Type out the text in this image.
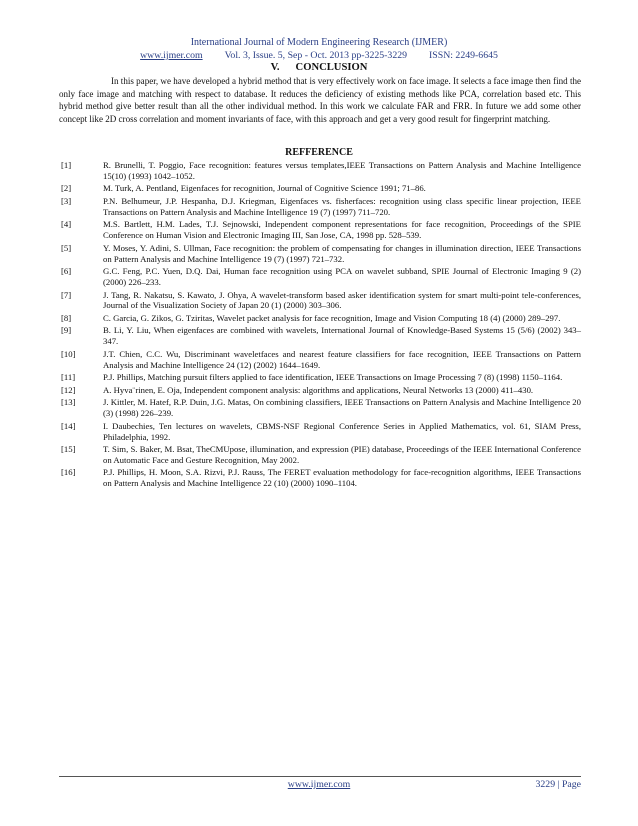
International Journal of Modern Engineering Research (IJMER)
www.ijmer.com Vol. 3, Issue. 5, Sep - Oct. 2013 pp-3225-3229 ISSN: 2249-6645
V. CONCLUSION

In this paper, we have developed a hybrid method that is very effectively work on face image. It selects a face image then find the only face image and matching with respect to database. It reduces the deficiency of existing methods like PCA, correlation based etc. This hybrid method give better result than all the other individual method. In this work we calculate FAR and FRR. In future we add some other concept like 2D cross correlation and moment invariants of face, with this approach and get a very good result for fingerprint matching.

REFFERENCE
[1]	R. Brunelli, T. Poggio, Face recognition: features versus templates,IEEE Transactions on Pattern Analysis and Machine Intelligence 15(10) (1993) 1042–1052.
[2]	M. Turk, A. Pentland, Eigenfaces for recognition, Journal of Cognitive Science 1991; 71–86.
[3]	P.N. Belhumeur, J.P. Hespanha, D.J. Kriegman, Eigenfaces vs. fisherfaces: recognition using class specific linear projection, IEEE Transactions on Pattern Analysis and Machine Intelligence 19 (7) (1997) 711–720.
[4]	M.S. Bartlett, H.M. Lades, T.J. Sejnowski, Independent component representations for face recognition, Proceedings of the SPIE Conference on Human Vision and Electronic Imaging III, San Jose, CA, 1998 pp. 528–539.
[5]	Y. Moses, Y. Adini, S. Ullman, Face recognition: the problem of compensating for changes in illumination direction, IEEE Transactions on Pattern Analysis and Machine Intelligence 19 (7) (1997) 721–732.
[6]	G.C. Feng, P.C. Yuen, D.Q. Dai, Human face recognition using PCA on wavelet subband, SPIE Journal of Electronic Imaging 9 (2) (2000) 226–233.
[7]	J. Tang, R. Nakatsu, S. Kawato, J. Ohya, A wavelet-transform based asker identification system for smart multi-point tele-conferences, Journal of the Visualization Society of Japan 20 (1) (2000) 303–306.
[8]	C. Garcia, G. Zikos, G. Tziritas, Wavelet packet analysis for face recognition, Image and Vision Computing 18 (4) (2000) 289–297.
[9]	B. Li, Y. Liu, When eigenfaces are combined with wavelets, International Journal of Knowledge-Based Systems 15 (5/6) (2002) 343–347.
[10]	J.T. Chien, C.C. Wu, Discriminant waveletfaces and nearest feature classifiers for face recognition, IEEE Transactions on Pattern Analysis and Machine Intelligence 24 (12) (2002) 1644–1649.
[11]	P.J. Phillips, Matching pursuit filters applied to face identification, IEEE Transactions on Image Processing 7 (8) (1998) 1150–1164.
[12]	A. Hyva¨rinen, E. Oja, Independent component analysis: algorithms and applications, Neural Networks 13 (2000) 411–430.
[13]	J. Kittler, M. Hatef, R.P. Duin, J.G. Matas, On combining classifiers, IEEE Transactions on Pattern Analysis and Machine Intelligence 20 (3) (1998) 226–239.
[14]	I. Daubechies, Ten lectures on wavelets, CBMS-NSF Regional Conference Series in Applied Mathematics, vol. 61, SIAM Press, Philadelphia, 1992.
[15]	T. Sim, S. Baker, M. Bsat, TheCMUpose, illumination, and expression (PIE) database, Proceedings of the IEEE International Conference on Automatic Face and Gesture Recognition, May 2002.
[16]	P.J. Phillips, H. Moon, S.A. Rizvi, P.J. Rauss, The FERET evaluation methodology for face-recognition algorithms, IEEE Transactions on Pattern Analysis and Machine Intelligence 22 (10) (2000) 1090–1104.
www.ijmer.com	3229 | Page
